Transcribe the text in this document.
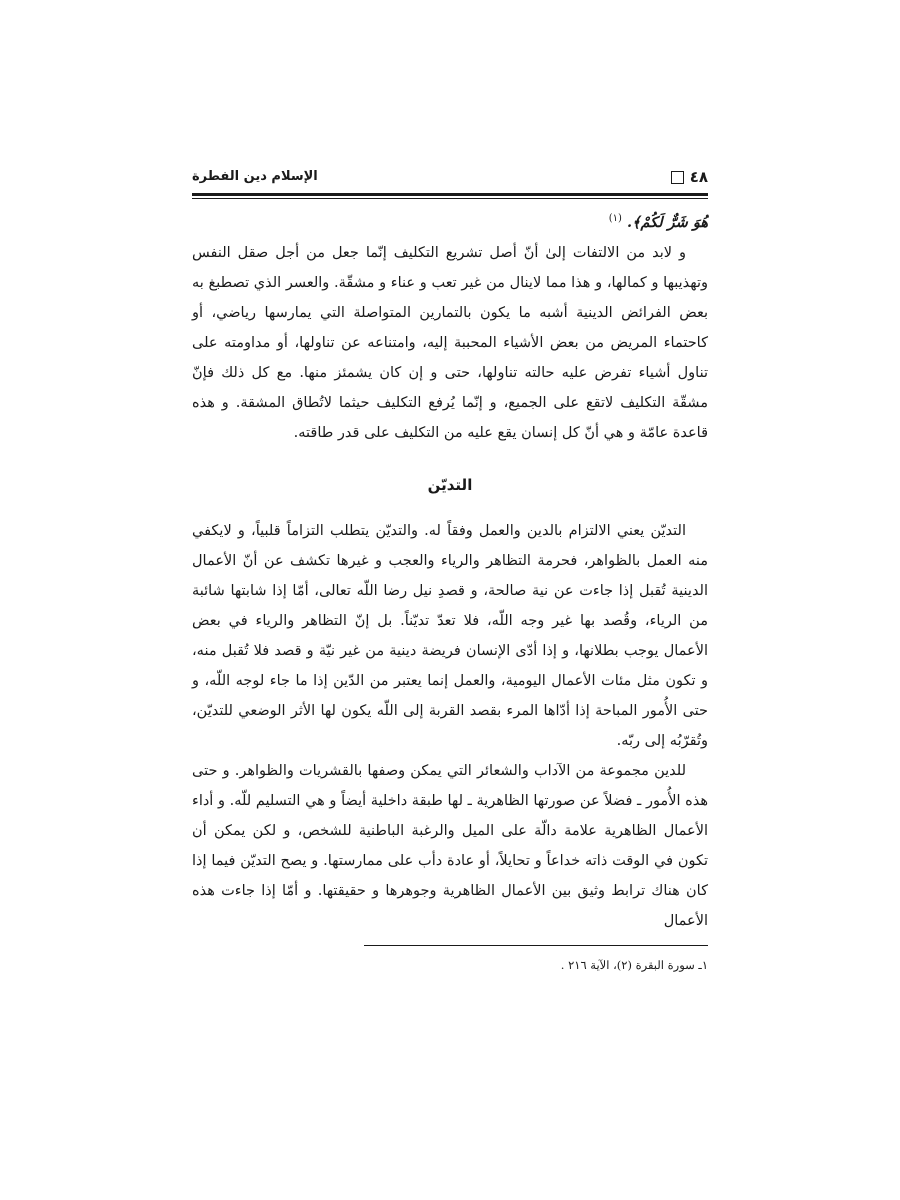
٤٨
الإسلام دين الفطرة

هُوَ شَرٌّ لَكُمْ﴾. $^{(١)}$

و لابد من الالتفات إلىٰ أنّ أصل تشريع التكليف إنّما جعل من أجل صقل النفس وتهذيبها و كمالها، و هذا مما لاينال من غير تعب و عناء و مشقّة. والعسر الذي تصطبغ به بعض الفرائض الدينية أشبه ما يكون بالتمارين المتواصلة التي يمارسها رياضي، أو كاحتماء المريض من بعض الأشياء المحببة إليه، وامتناعه عن تناولها، أو مداومته على تناول أشياء تفرض عليه حالته تناولها، حتى و إن كان يشمئز منها. مع كل ذلك فإنّ مشقّة التكليف لاتقع على الجميع، و إنّما يُرفع التكليف حيثما لاتُطاق المشقة. و هذه قاعدة عامّة و هي أنّ كل إنسان يقع عليه من التكليف على قدر طاقته.

التديّن

التديّن يعني الالتزام بالدين والعمل وفقاً له. والتديّن يتطلب التزاماً قلبياً، و لايكفي منه العمل بالظواهر، فحرمة التظاهر والرياء والعجب و غيرها تكشف عن أنّ الأعمال الدينية تُقبل إذا جاءت عن نية صالحة، و قصدِ نيل رضا اللّه تعالى، أمّا إذا شابتها شائبة من الرياء، وقُصد بها غير وجه اللّه، فلا تعدّ تديّناً. بل إنّ التظاهر والرياء في بعض الأعمال يوجب بطلانها، و إذا أدّى الإنسان فريضة دينية من غير نيّة و قصد فلا تُقبل منه، و تكون مثل مئات الأعمال اليومية، والعمل إنما يعتبر من الدّين إذا ما جاء لوجه اللّه، و حتى الأُمور المباحة إذا أدّاها المرء بقصد القربة إلى اللّه يكون لها الأثر الوضعي للتديّن، وتُقرّبُه إلى ربّه.

للدين مجموعة من الآداب والشعائر التي يمكن وصفها بالقشريات والظواهر. و حتى هذه الأُمور ـ فضلاً عن صورتها الظاهرية ـ لها طبقة داخلية أيضاً و هي التسليم للّه. و أداء الأعمال الظاهرية علامة دالّة على الميل والرغبة الباطنية للشخص، و لكن يمكن أن تكون في الوقت ذاته خداعاً و تحايلاً، أو عادة دأب على ممارستها. و يصح التديّن فيما إذا كان هناك ترابط وثيق بين الأعمال الظاهرية وجوهرها و حقيقتها. و أمّا إذا جاءت هذه الأعمال

١ـ سورة البقرة (٢)، الآية ٢١٦ .
